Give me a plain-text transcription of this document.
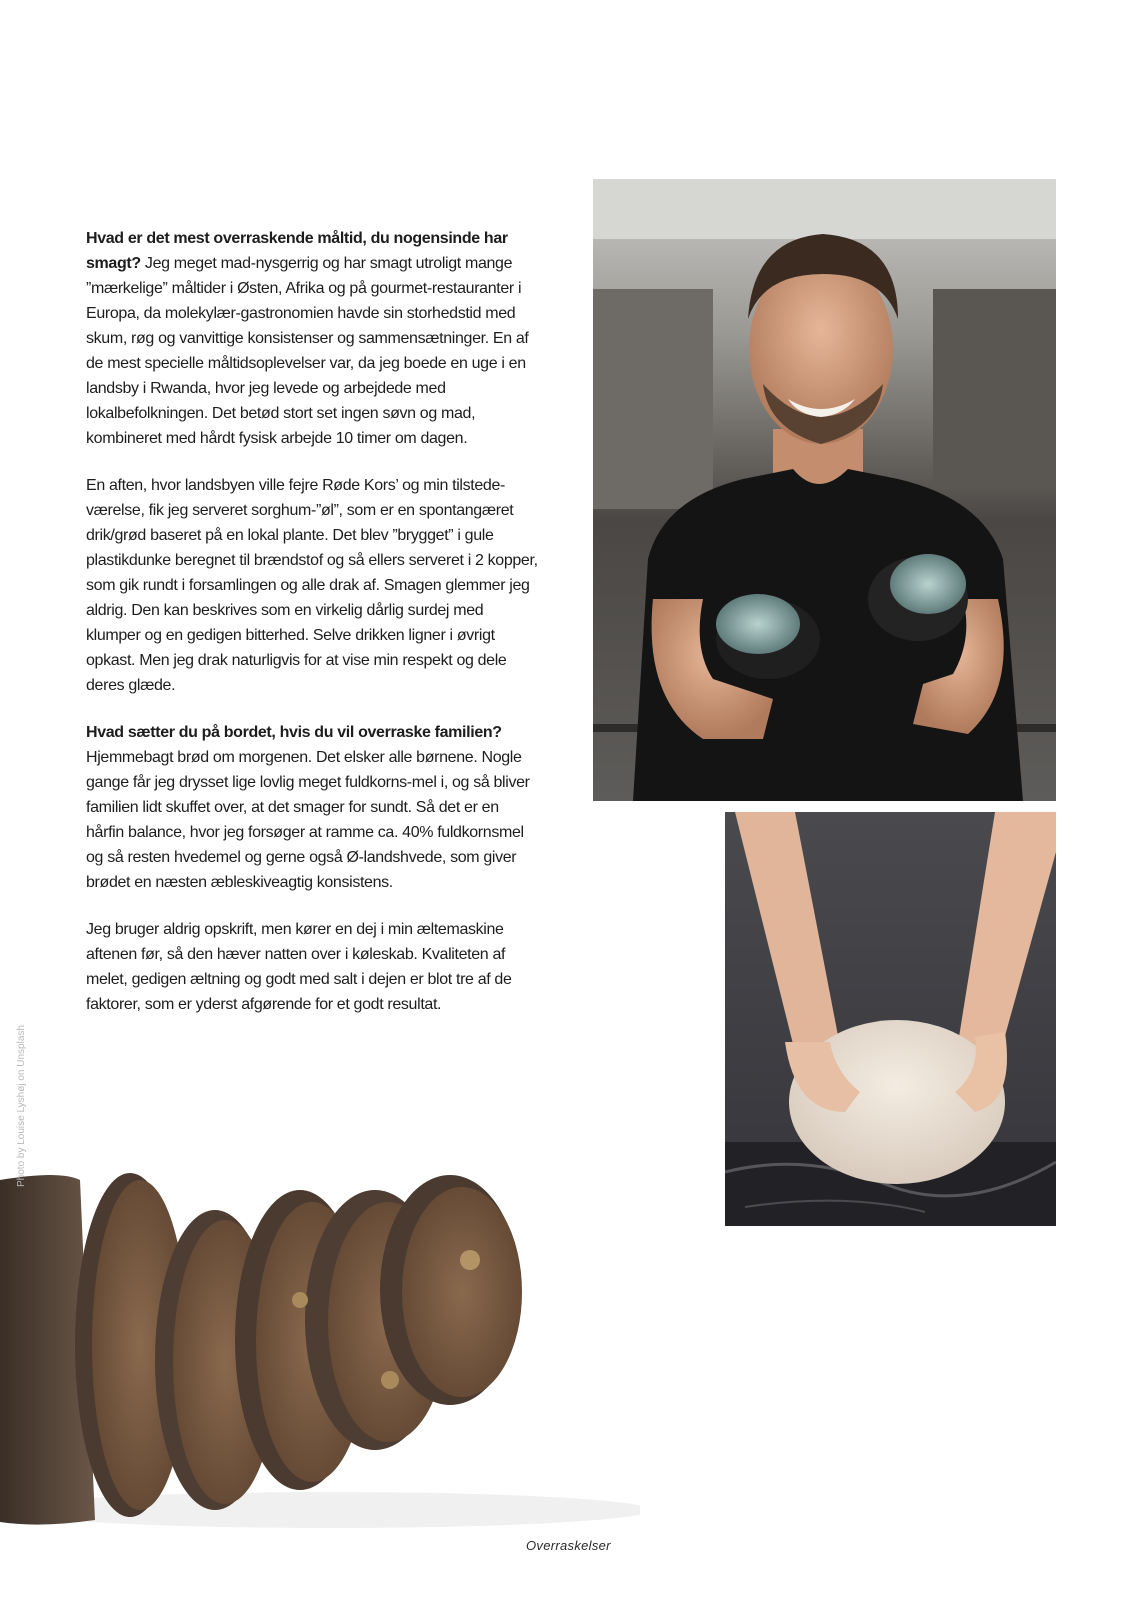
Hvad er det mest overraskende måltid, du nogensinde har smagt? Jeg meget mad-nysgerrig og har smagt utroligt mange ”mærkelige” måltider i Østen, Afrika og på gourmet-restauranter i Europa, da molekylær-gastronomien havde sin storhedstid med skum, røg og vanvittige konsistenser og sammensætninger. En af de mest specielle måltidsoplevelser var, da jeg boede en uge i en landsby i Rwanda, hvor jeg levede og arbejdede med lokalbefolkningen. Det betød stort set ingen søvn og mad, kombineret med hårdt fysisk arbejde 10 timer om dagen.

En aften, hvor landsbyen ville fejre Røde Kors’ og min tilstede-værelse, fik jeg serveret sorghum-”øl”, som er en spontangæret drik/grød baseret på en lokal plante. Det blev ”brygget” i gule plastikdunke beregnet til brændstof og så ellers serveret i 2 kopper, som gik rundt i forsamlingen og alle drak af. Smagen glemmer jeg aldrig. Den kan beskrives som en virkelig dårlig surdej med klumper og en gedigen bitterhed. Selve drikken ligner i øvrigt opkast. Men jeg drak naturligvis for at vise min respekt og dele deres glæde.

Hvad sætter du på bordet, hvis du vil overraske familien? Hjemmebagt brød om morgenen. Det elsker alle børnene. Nogle gange får jeg drysset lige lovlig meget fuldkorns-mel i, og så bliver familien lidt skuffet over, at det smager for sundt. Så det er en hårfin balance, hvor jeg forsøger at ramme ca. 40% fuldkornsmel og så resten hvedemel og gerne også Ø-landshvede, som giver brødet en næsten æbleskiveagtig konsistens.

Jeg bruger aldrig opskrift, men kører en dej i min æltemaskine aftenen før, så den hæver natten over i køleskab. Kvaliteten af melet, gedigen æltning og godt med salt i dejen er blot tre af de faktorer, som er yderst afgørende for et godt resultat.

Photo by Louise Lyshøj on Unsplash
Overraskelser
